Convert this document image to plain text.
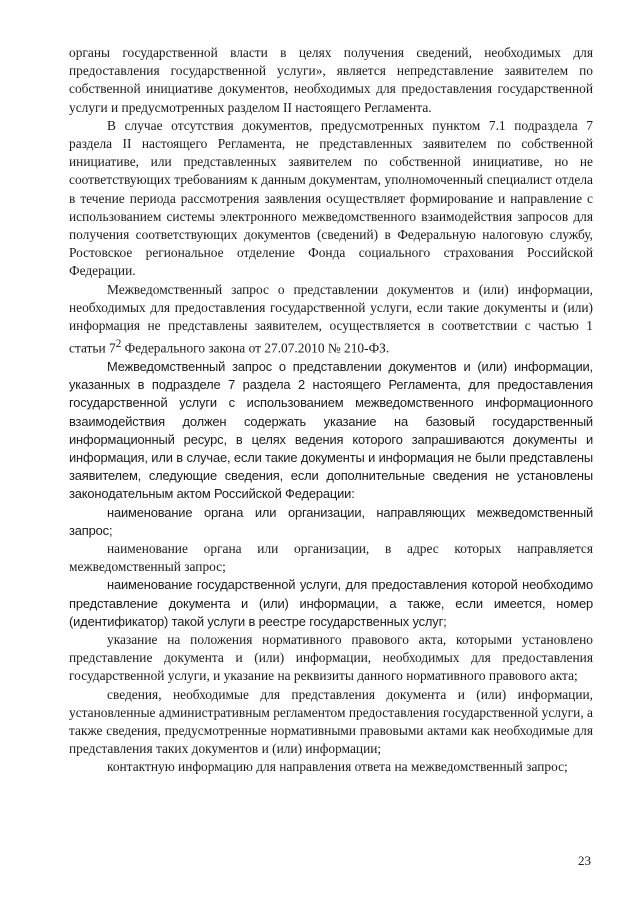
органы государственной власти в целях получения сведений, необходимых для предоставления государственной услуги», является непредставление заявителем по собственной инициативе документов, необходимых для предоставления государственной услуги и предусмотренных разделом II настоящего Регламента.

В случае отсутствия документов, предусмотренных пунктом 7.1 подраздела 7 раздела II настоящего Регламента, не представленных заявителем по собственной инициативе, или представленных заявителем по собственной инициативе, но не соответствующих требованиям к данным документам, уполномоченный специалист отдела в течение периода рассмотрения заявления осуществляет формирование и направление с использованием системы электронного межведомственного взаимодействия запросов для получения соответствующих документов (сведений) в Федеральную налоговую службу, Ростовское региональное отделение Фонда социального страхования Российской Федерации.

Межведомственный запрос о представлении документов и (или) информации, необходимых для предоставления государственной услуги, если такие документы и (или) информация не представлены заявителем, осуществляется в соответствии с частью 1 статьи $7^2$ Федерального закона от 27.07.2010 № 210-ФЗ.

Межведомственный запрос о представлении документов и (или) информации, указанных в подразделе 7 раздела 2 настоящего Регламента, для предоставления государственной услуги с использованием межведомственного информационного взаимодействия должен содержать указание на базовый государственный информационный ресурс, в целях ведения которого запрашиваются документы и информация, или в случае, если такие документы и информация не были представлены заявителем, следующие сведения, если дополнительные сведения не установлены законодательным актом Российской Федерации:

наименование органа или организации, направляющих межведомственный запрос;

наименование органа или организации, в адрес которых направляется межведомственный запрос;

наименование государственной услуги, для предоставления которой необходимо представление документа и (или) информации, а также, если имеется, номер (идентификатор) такой услуги в реестре государственных услуг;

указание на положения нормативного правового акта, которыми установлено представление документа и (или) информации, необходимых для предоставления государственной услуги, и указание на реквизиты данного нормативного правового акта;

сведения, необходимые для представления документа и (или) информации, установленные административным регламентом предоставления государственной услуги, а также сведения, предусмотренные нормативными правовыми актами как необходимые для представления таких документов и (или) информации;

контактную информацию для направления ответа на межведомственный запрос;

23
